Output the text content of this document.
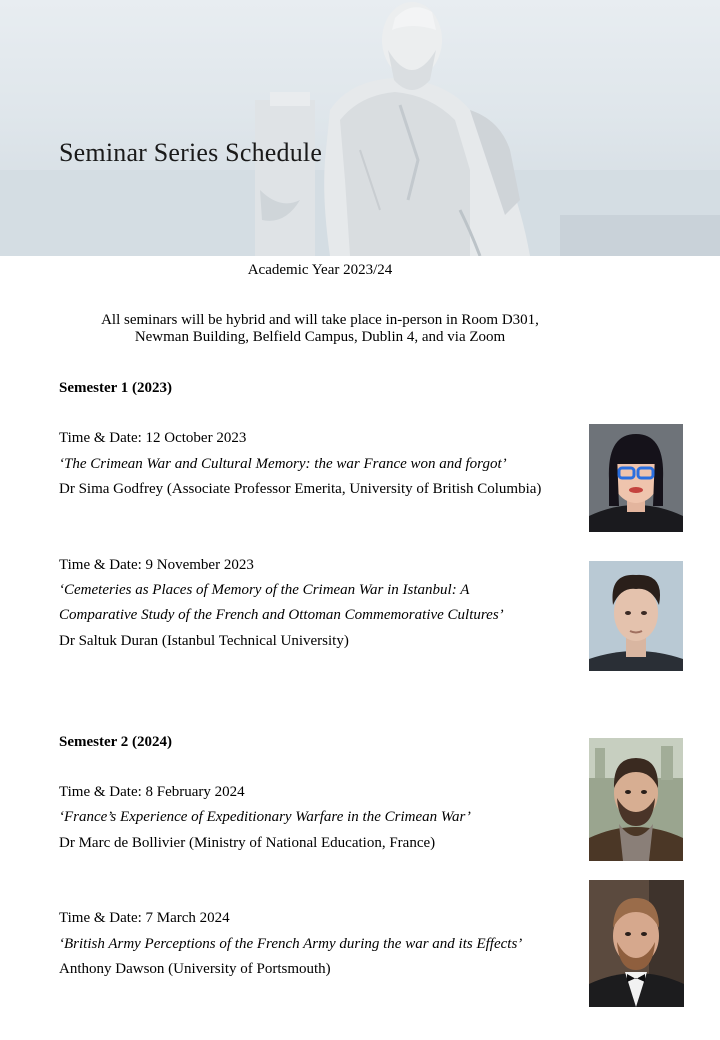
Seminar Series Schedule
Academic Year 2023/24
All seminars will be hybrid and will take place in-person in Room D301,
Newman Building, Belfield Campus, Dublin 4, and via Zoom
Semester 1 (2023)
Time & Date: 12 October 2023
‘The Crimean War and Cultural Memory: the war France won and forgot’
Dr Sima Godfrey (Associate Professor Emerita, University of British Columbia)
Time & Date: 9 November 2023
‘Cemeteries as Places of Memory of the Crimean War in Istanbul: A
Comparative Study of the French and Ottoman Commemorative Cultures’
Dr Saltuk Duran (Istanbul Technical University)
Semester 2 (2024)
Time & Date: 8 February 2024
‘France’s Experience of Expeditionary Warfare in the Crimean War’
Dr Marc de Bollivier (Ministry of National Education, France)
Time & Date: 7 March 2024
‘British Army Perceptions of the French Army during the war and its Effects’
Anthony Dawson (University of Portsmouth)
